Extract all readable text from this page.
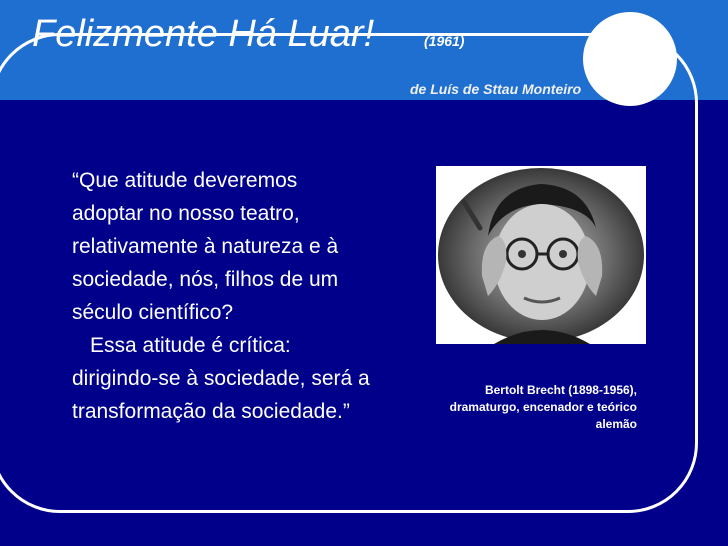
Felizmente Há Luar!	(1961)
de Luís de Sttau Monteiro

“Que atitude deveremos adoptar no nosso teatro, relativamente à natureza e à sociedade, nós, filhos de um século científico?

Essa atitude é crítica: dirigindo-se à sociedade, será a transformação da sociedade.”

Bertolt Brecht (1898-1956), dramaturgo, encenador e teórico alemão
